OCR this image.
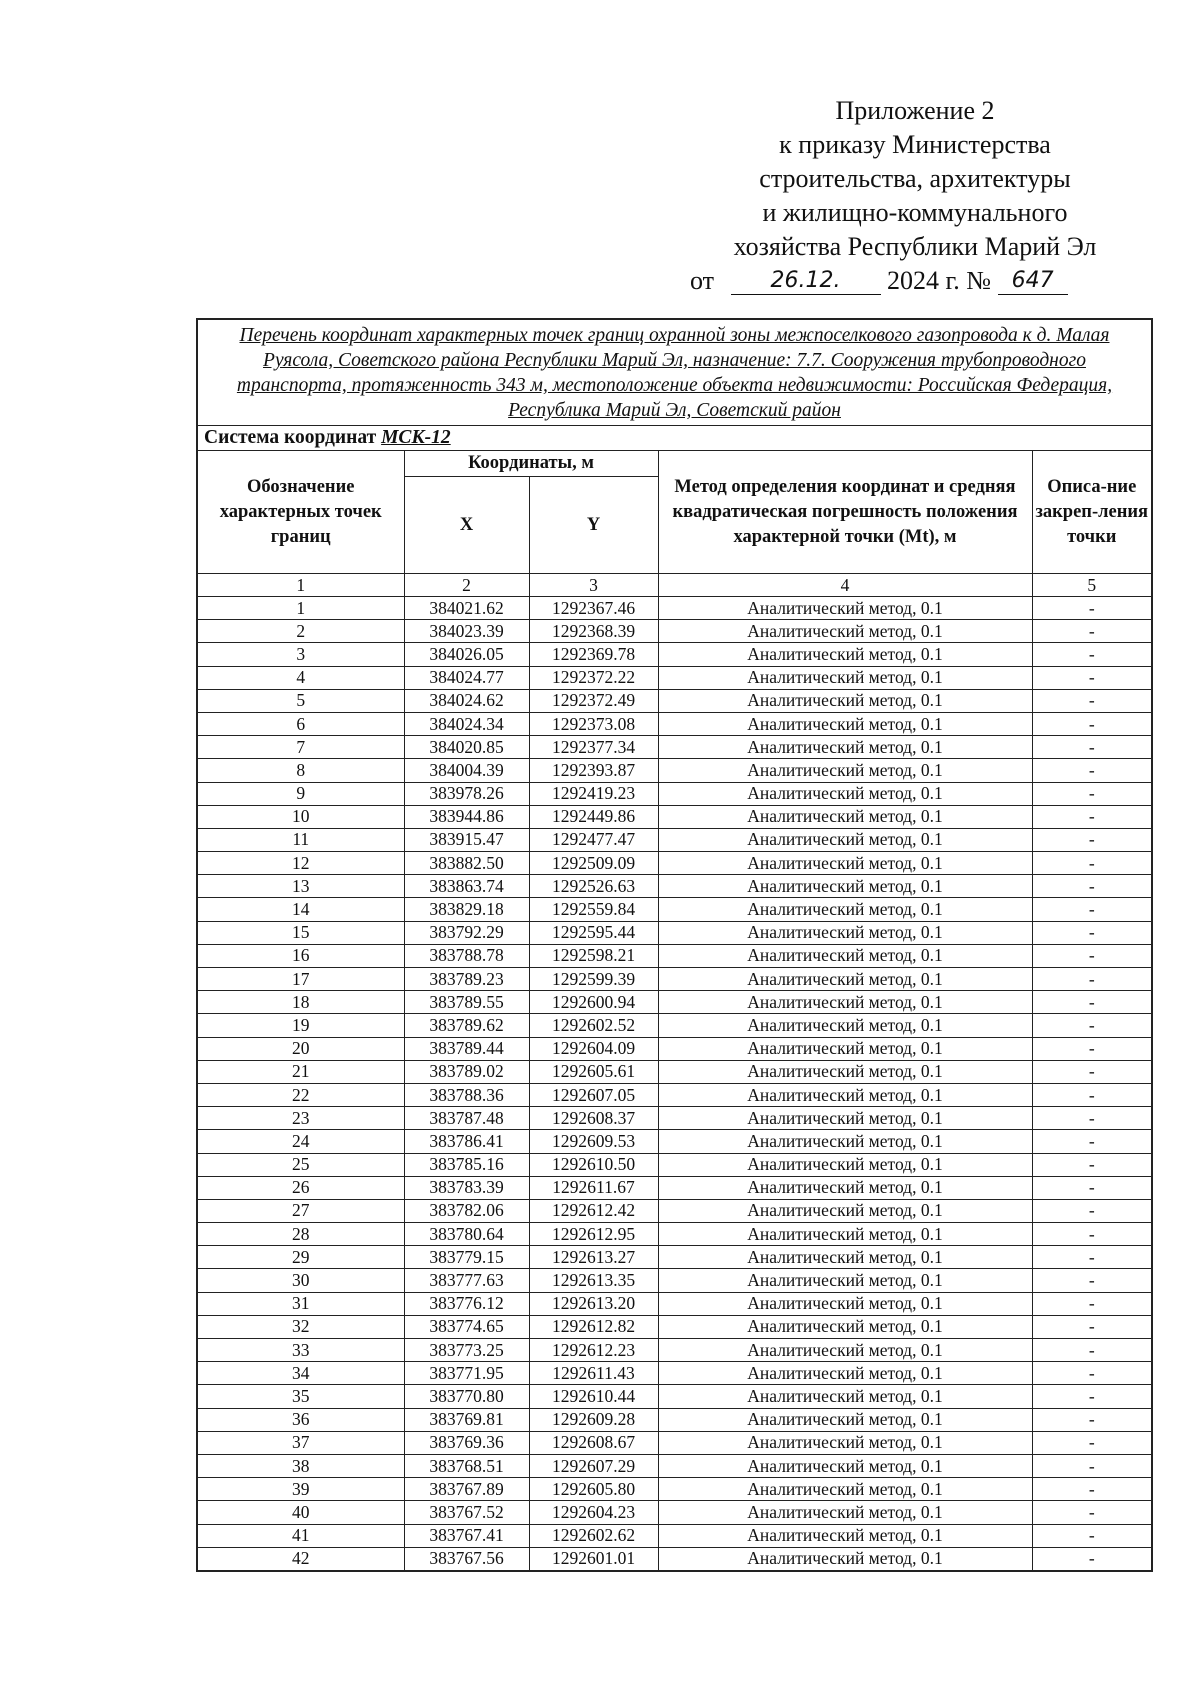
Приложение 2
к приказу Министерства
строительства, архитектуры
и жилищно-коммунального
хозяйства Республики Марий Эл
от	26.12. 2024 г. № 647
Перечень координат характерных точек границ охранной зоны межпоселкового газопровода к д. Малая Руясола, Советского района Республики Марий Эл, назначение: 7.7. Сооружения трубопроводного транспорта, протяженность 343 м, местоположение объекта недвижимости: Российская Федерация, Республика Марий Эл, Советский район				
Система координат МСК-12				
Обозначение характерных точек границ	Координаты, м		Метод определения координат и средняя квадратическая погрешность положения характерной точки (Mt), м	Описа-ние закреп-ления точки
	X	Y		
1	2	3	4	5
1	384021.62	1292367.46	Аналитический метод, 0.1	-
2	384023.39	1292368.39	Аналитический метод, 0.1	-
3	384026.05	1292369.78	Аналитический метод, 0.1	-
4	384024.77	1292372.22	Аналитический метод, 0.1	-
5	384024.62	1292372.49	Аналитический метод, 0.1	-
6	384024.34	1292373.08	Аналитический метод, 0.1	-
7	384020.85	1292377.34	Аналитический метод, 0.1	-
8	384004.39	1292393.87	Аналитический метод, 0.1	-
9	383978.26	1292419.23	Аналитический метод, 0.1	-
10	383944.86	1292449.86	Аналитический метод, 0.1	-
11	383915.47	1292477.47	Аналитический метод, 0.1	-
12	383882.50	1292509.09	Аналитический метод, 0.1	-
13	383863.74	1292526.63	Аналитический метод, 0.1	-
14	383829.18	1292559.84	Аналитический метод, 0.1	-
15	383792.29	1292595.44	Аналитический метод, 0.1	-
16	383788.78	1292598.21	Аналитический метод, 0.1	-
17	383789.23	1292599.39	Аналитический метод, 0.1	-
18	383789.55	1292600.94	Аналитический метод, 0.1	-
19	383789.62	1292602.52	Аналитический метод, 0.1	-
20	383789.44	1292604.09	Аналитический метод, 0.1	-
21	383789.02	1292605.61	Аналитический метод, 0.1	-
22	383788.36	1292607.05	Аналитический метод, 0.1	-
23	383787.48	1292608.37	Аналитический метод, 0.1	-
24	383786.41	1292609.53	Аналитический метод, 0.1	-
25	383785.16	1292610.50	Аналитический метод, 0.1	-
26	383783.39	1292611.67	Аналитический метод, 0.1	-
27	383782.06	1292612.42	Аналитический метод, 0.1	-
28	383780.64	1292612.95	Аналитический метод, 0.1	-
29	383779.15	1292613.27	Аналитический метод, 0.1	-
30	383777.63	1292613.35	Аналитический метод, 0.1	-
31	383776.12	1292613.20	Аналитический метод, 0.1	-
32	383774.65	1292612.82	Аналитический метод, 0.1	-
33	383773.25	1292612.23	Аналитический метод, 0.1	-
34	383771.95	1292611.43	Аналитический метод, 0.1	-
35	383770.80	1292610.44	Аналитический метод, 0.1	-
36	383769.81	1292609.28	Аналитический метод, 0.1	-
37	383769.36	1292608.67	Аналитический метод, 0.1	-
38	383768.51	1292607.29	Аналитический метод, 0.1	-
39	383767.89	1292605.80	Аналитический метод, 0.1	-
40	383767.52	1292604.23	Аналитический метод, 0.1	-
41	383767.41	1292602.62	Аналитический метод, 0.1	-
42	383767.56	1292601.01	Аналитический метод, 0.1	-
